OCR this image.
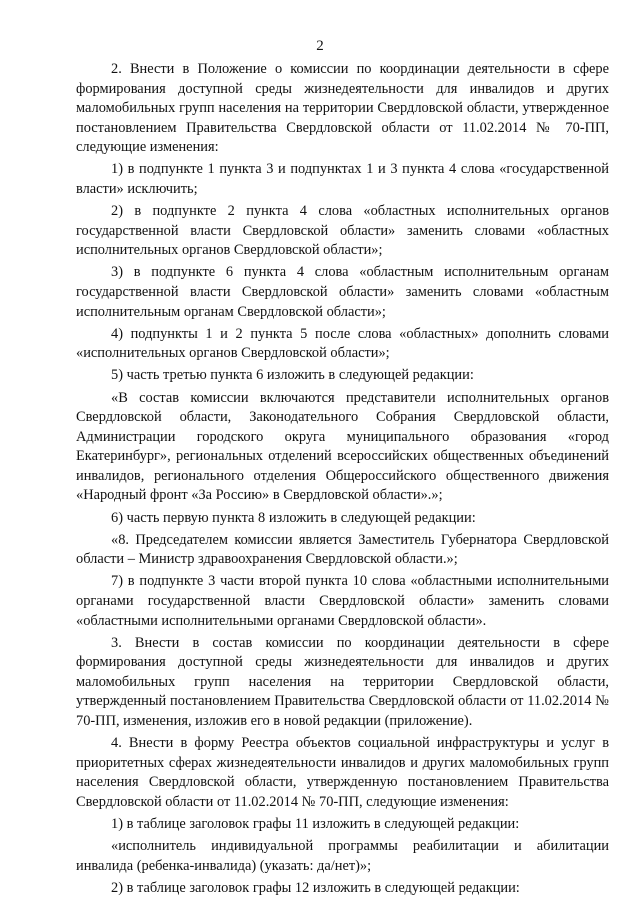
2

2. Внести в Положение о комиссии по координации деятельности в сфере формирования доступной среды жизнедеятельности для инвалидов и других маломобильных групп населения на территории Свердловской области, утвержденное постановлением Правительства Свердловской области от 11.02.2014 № 70-ПП, следующие изменения:

1) в подпункте 1 пункта 3 и подпунктах 1 и 3 пункта 4 слова «государственной власти» исключить;

2) в подпункте 2 пункта 4 слова «областных исполнительных органов государственной власти Свердловской области» заменить словами «областных исполнительных органов Свердловской области»;

3) в подпункте 6 пункта 4 слова «областным исполнительным органам государственной власти Свердловской области» заменить словами «областным исполнительным органам Свердловской области»;

4) подпункты 1 и 2 пункта 5 после слова «областных» дополнить словами «исполнительных органов Свердловской области»;

5) часть третью пункта 6 изложить в следующей редакции:

«В состав комиссии включаются представители исполнительных органов Свердловской области, Законодательного Собрания Свердловской области, Администрации городского округа муниципального образования «город Екатеринбург», региональных отделений всероссийских общественных объединений инвалидов, регионального отделения Общероссийского общественного движения «Народный фронт «За Россию» в Свердловской области».»;

6) часть первую пункта 8 изложить в следующей редакции:

«8. Председателем комиссии является Заместитель Губернатора Свердловской области – Министр здравоохранения Свердловской области.»;

7) в подпункте 3 части второй пункта 10 слова «областными исполнительными органами государственной власти Свердловской области» заменить словами «областными исполнительными органами Свердловской области».

3. Внести в состав комиссии по координации деятельности в сфере формирования доступной среды жизнедеятельности для инвалидов и других маломобильных групп населения на территории Свердловской области, утвержденный постановлением Правительства Свердловской области от 11.02.2014 № 70-ПП, изменения, изложив его в новой редакции (приложение).

4. Внести в форму Реестра объектов социальной инфраструктуры и услуг в приоритетных сферах жизнедеятельности инвалидов и других маломобильных групп населения Свердловской области, утвержденную постановлением Правительства Свердловской области от 11.02.2014 № 70-ПП, следующие изменения:

1) в таблице заголовок графы 11 изложить в следующей редакции:

«исполнитель индивидуальной программы реабилитации и абилитации инвалида (ребенка-инвалида) (указать: да/нет)»;

2) в таблице заголовок графы 12 изложить в следующей редакции:
